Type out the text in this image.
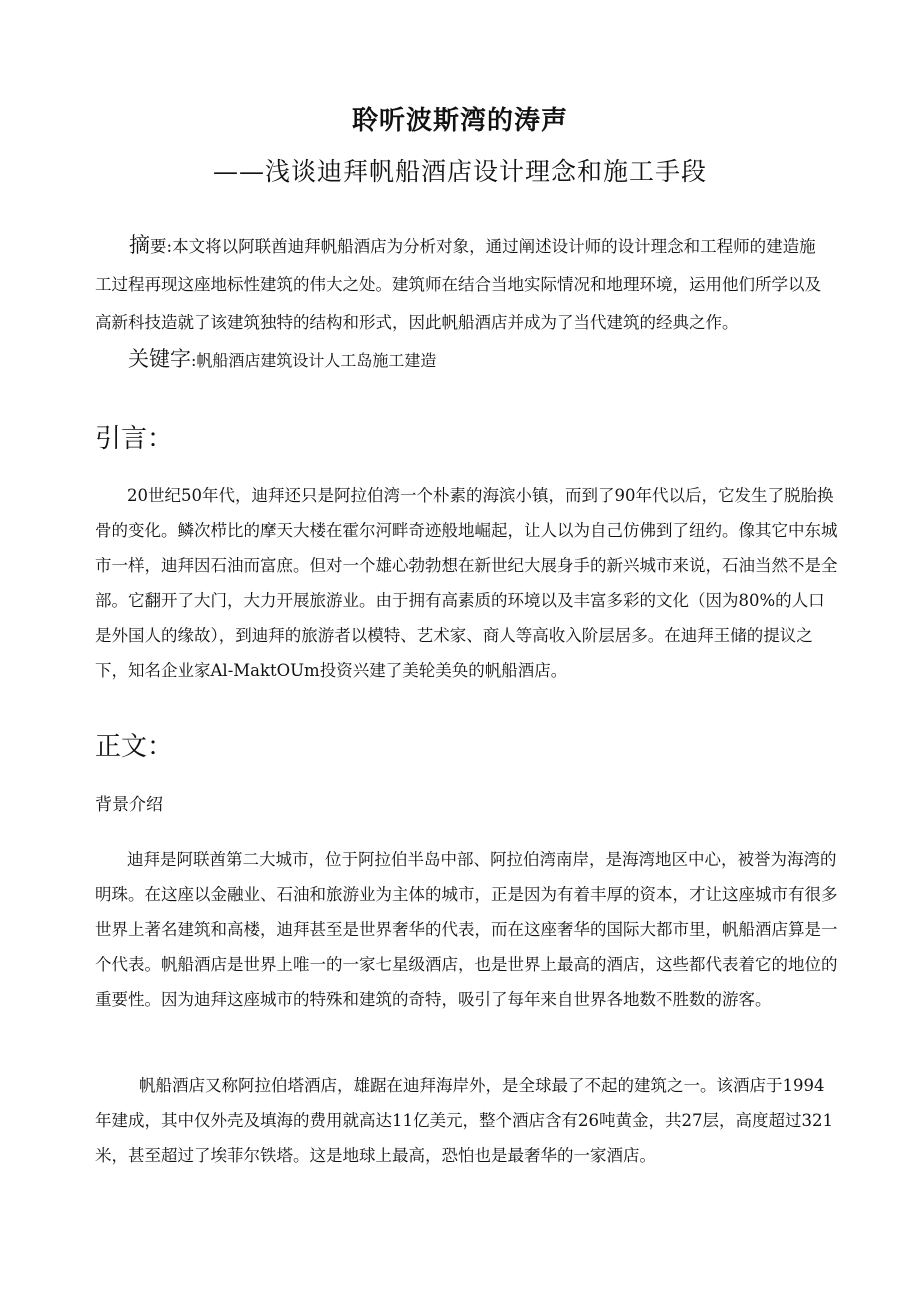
聆听波斯湾的涛声
——浅谈迪拜帆船酒店设计理念和施工手段

摘要:本文将以阿联酋迪拜帆船酒店为分析对象，通过阐述设计师的设计理念和工程师的建造施工过程再现这座地标性建筑的伟大之处。建筑师在结合当地实际情况和地理环境，运用他们所学以及高新科技造就了该建筑独特的结构和形式，因此帆船酒店并成为了当代建筑的经典之作。

关键字:帆船酒店建筑设计人工岛施工建造

引言：

20世纪50年代，迪拜还只是阿拉伯湾一个朴素的海滨小镇，而到了90年代以后，它发生了脱胎换骨的变化。鳞次栉比的摩天大楼在霍尔河畔奇迹般地崛起，让人以为自己仿佛到了纽约。像其它中东城市一样，迪拜因石油而富庶。但对一个雄心勃勃想在新世纪大展身手的新兴城市来说，石油当然不是全部。它翻开了大门，大力开展旅游业。由于拥有高素质的环境以及丰富多彩的文化（因为80%的人口是外国人的缘故），到迪拜的旅游者以模特、艺术家、商人等高收入阶层居多。在迪拜王储的提议之下，知名企业家Al-MaktOUm投资兴建了美轮美奂的帆船酒店。

正文：

背景介绍

迪拜是阿联酋第二大城市，位于阿拉伯半岛中部、阿拉伯湾南岸，是海湾地区中心，被誉为海湾的明珠。在这座以金融业、石油和旅游业为主体的城市，正是因为有着丰厚的资本，才让这座城市有很多世界上著名建筑和高楼，迪拜甚至是世界奢华的代表，而在这座奢华的国际大都市里，帆船酒店算是一个代表。帆船酒店是世界上唯一的一家七星级酒店，也是世界上最高的酒店，这些都代表着它的地位的重要性。因为迪拜这座城市的特殊和建筑的奇特，吸引了每年来自世界各地数不胜数的游客。

帆船酒店又称阿拉伯塔酒店，雄踞在迪拜海岸外，是全球最了不起的建筑之一。该酒店于1994年建成，其中仅外壳及填海的费用就高达11亿美元，整个酒店含有26吨黄金，共27层，高度超过321米，甚至超过了埃菲尔铁塔。这是地球上最高，恐怕也是最奢华的一家酒店。
